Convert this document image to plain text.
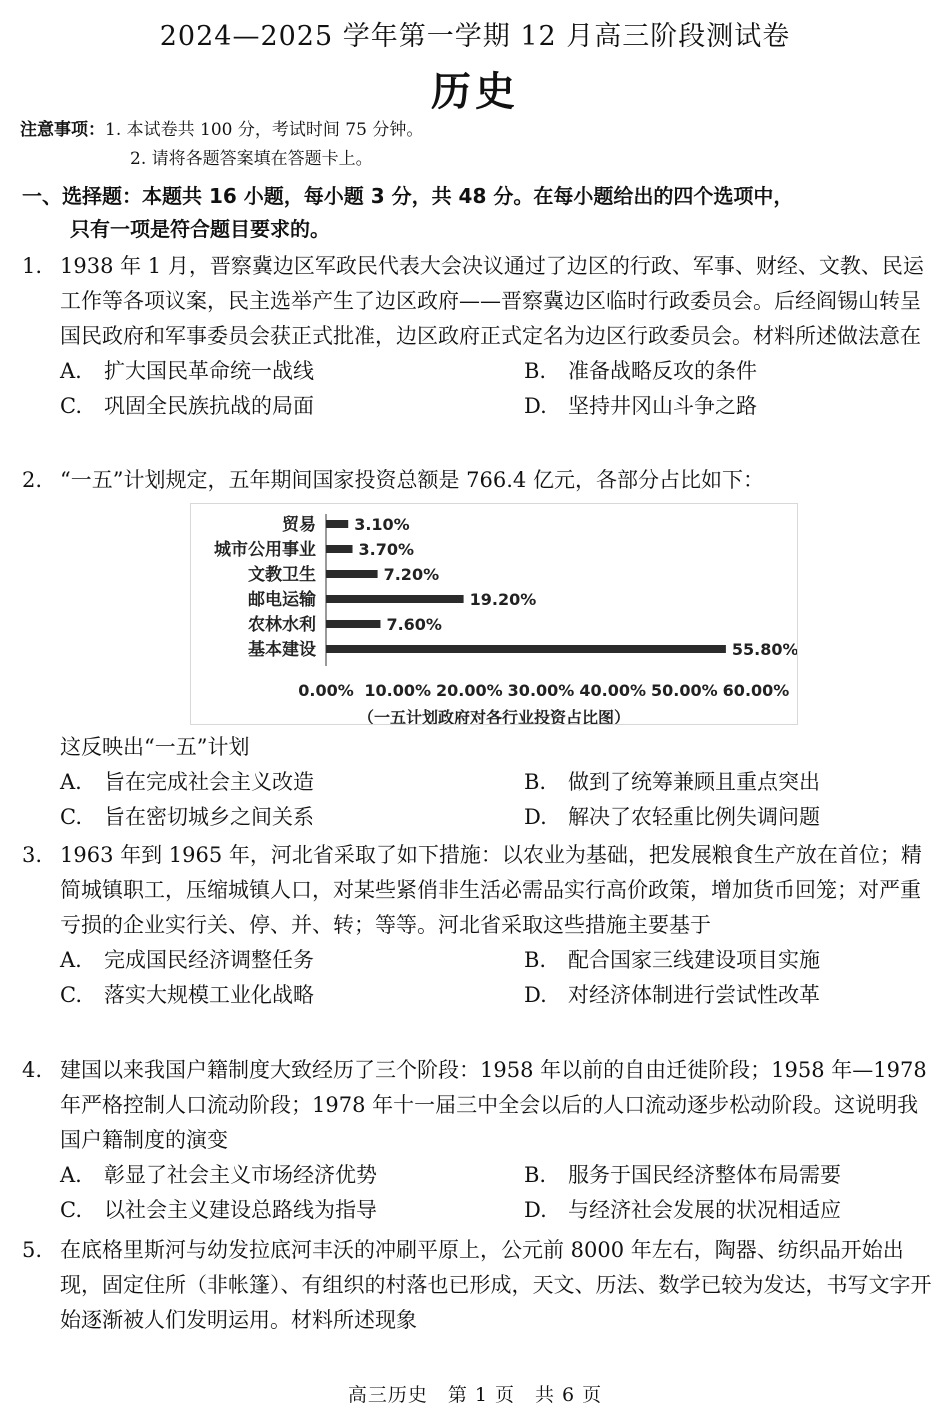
2024—2025 学年第一学期 12 月高三阶段测试卷
历史
注意事项：1. 本试卷共 100 分，考试时间 75 分钟。
2. 请将各题答案填在答题卡上。
一、选择题：本题共 16 小题，每小题 3 分，共 48 分。在每小题给出的四个选项中，
只有一项是符合题目要求的。
1. 1938 年 1 月，晋察冀边区军政民代表大会决议通过了边区的行政、军事、财经、文教、民运工作等各项议案，民主选举产生了边区政府——晋察冀边区临时行政委员会。后经阎锡山转呈国民政府和军事委员会获正式批准，边区政府正式定名为边区行政委员会。材料所述做法意在
A. 扩大国民革命统一战线	B. 准备战略反攻的条件
C. 巩固全民族抗战的局面	D. 坚持井冈山斗争之路
2. “一五”计划规定，五年期间国家投资总额是 766.4 亿元，各部分占比如下：
贸易 3.10%
城市公用事业	3.70%
文教卫生	7.20%
邮电运输	19.20%
农林水利	7.60%
基本建设	55.80%
0.00% 10.00% 20.00% 30.00% 40.00% 50.00% 60.00%
（一五计划政府对各行业投资占比图）
这反映出“一五”计划
A. 旨在完成社会主义改造	B. 做到了统筹兼顾且重点突出
C. 旨在密切城乡之间关系	D. 解决了农轻重比例失调问题
3. 1963 年到 1965 年，河北省采取了如下措施：以农业为基础，把发展粮食生产放在首位；精简城镇职工，压缩城镇人口，对某些紧俏非生活必需品实行高价政策，增加货币回笼；对严重亏损的企业实行关、停、并、转；等等。河北省采取这些措施主要基于
A. 完成国民经济调整任务	B. 配合国家三线建设项目实施
C. 落实大规模工业化战略	D. 对经济体制进行尝试性改革
4. 建国以来我国户籍制度大致经历了三个阶段：1958 年以前的自由迁徙阶段；1958 年—1978 年严格控制人口流动阶段；1978 年十一届三中全会以后的人口流动逐步松动阶段。这说明我国户籍制度的演变
A. 彰显了社会主义市场经济优势	B. 服务于国民经济整体布局需要
C. 以社会主义建设总路线为指导	D. 与经济社会发展的状况相适应
5. 在底格里斯河与幼发拉底河丰沃的冲刷平原上，公元前 8000 年左右，陶器、纺织品开始出现，固定住所（非帐篷）、有组织的村落也已形成，天文、历法、数学已较为发达，书写文字开始逐渐被人们发明运用。材料所述现象
高三历史　第 1 页　共 6 页
